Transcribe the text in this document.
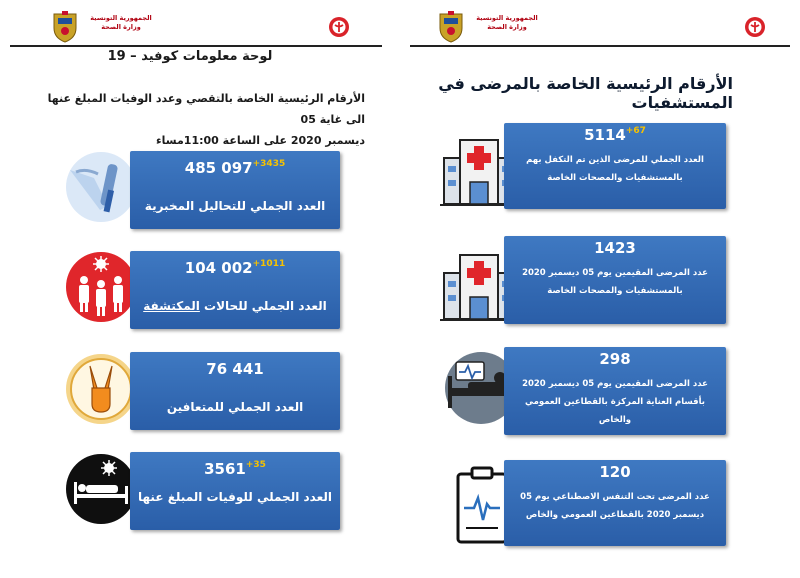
الجمهورية التونسية
وزارة الصحة
لوحة معلومات كوفيد – 19
الأرقام الرئيسية الخاصة بالتقصي وعدد الوفيات المبلغ عنها الى غاية 05
ديسمبر 2020 على الساعة 11:00مساء
485 $097^{+3435}$
العدد الجملي للتحاليل المخبرية
104 $002^{+1011}$
العدد الجملي للحالات المكتشفة
76 441
العدد الجملي للمتعافين
$3561^{+35}$
العدد الجملي للوفيات المبلغ عنها
الجمهورية التونسية
وزارة الصحة
الأرقام الرئيسية الخاصة بالمرضى في المستشفيات
$5114^{+67}$
العدد الجملي للمرضى الذين تم التكفل بهم بالمستشفيات والمصحات الخاصة
1423
عدد المرضى المقيمين يوم 05 ديسمبر 2020 بالمستشفيات والمصحات الخاصة
298
عدد المرضى المقيمين يوم 05 ديسمبر 2020 بأقسام العناية المركزة بالقطاعين العمومي والخاص
120
عدد المرضى تحت التنفس الاصطناعي يوم 05 ديسمبر 2020 بالقطاعين العمومي والخاص
